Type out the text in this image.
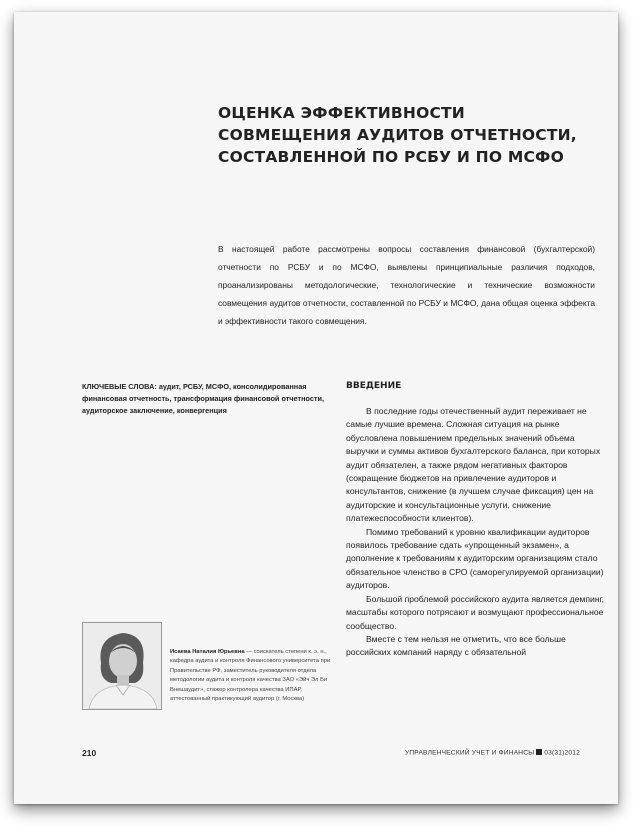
ОЦЕНКА ЭФФЕКТИВНОСТИ СОВМЕЩЕНИЯ АУДИТОВ ОТЧЕТНОСТИ, СОСТАВЛЕННОЙ ПО РСБУ И ПО МСФО

В настоящей работе рассмотрены вопросы составления финансовой (бухгалтерской) отчетности по РСБУ и по МСФО, выявлены принципиальные различия подходов, проанализированы методологические, технологические и технические возможности совмещения аудитов отчетности, составленной по РСБУ и МСФО, дана общая оценка эффекта и эффективности такого совмещения.

КЛЮЧЕВЫЕ СЛОВА: аудит, РСБУ, МСФО, консолидированная финансовая отчетность, трансформация финансовой отчетности, аудиторское заключение, конвергенция

ВВЕДЕНИЕ

В последние годы отечественный аудит переживает не самые лучшие времена. Сложная ситуация на рынке обусловлена повышением предельных значений объема выручки и суммы активов бухгалтерского баланса, при которых аудит обязателен, а также рядом негативных факторов (сокращение бюджетов на привлечение аудиторов и консультантов, снижение (в лучшем случае фиксация) цен на аудиторские и консультационные услуги, снижение платежеспособности клиентов).

Помимо требований к уровню квалификации аудиторов появилось требование сдать «упрощенный экзамен», а дополнение к требованиям к аудиторским организациям стало обязательное членство в СРО (саморегулируемой организации) аудиторов.

Большой проблемой российского аудита является демпинг, масштабы которого потрясают и возмущают профессиональное сообщество.

Вместе с тем нельзя не отметить, что все больше российских компаний наряду с обязательной

Исаева Наталия Юрьевна — соискатель степени к. э. н., кафедра аудита и контроля Финансового университета при Правительстве РФ, заместитель руководителя отдела методологии аудита и контроля качества ЗАО «Эйч Эл Би Внешаудит», стажер контролера качества ИПАР, аттестованный практикующий аудитор (г. Москва)

210	УПРАВЛЕНЧЕСКИЙ УЧЕТ И ФИНАНСЫ 03(31)2012
